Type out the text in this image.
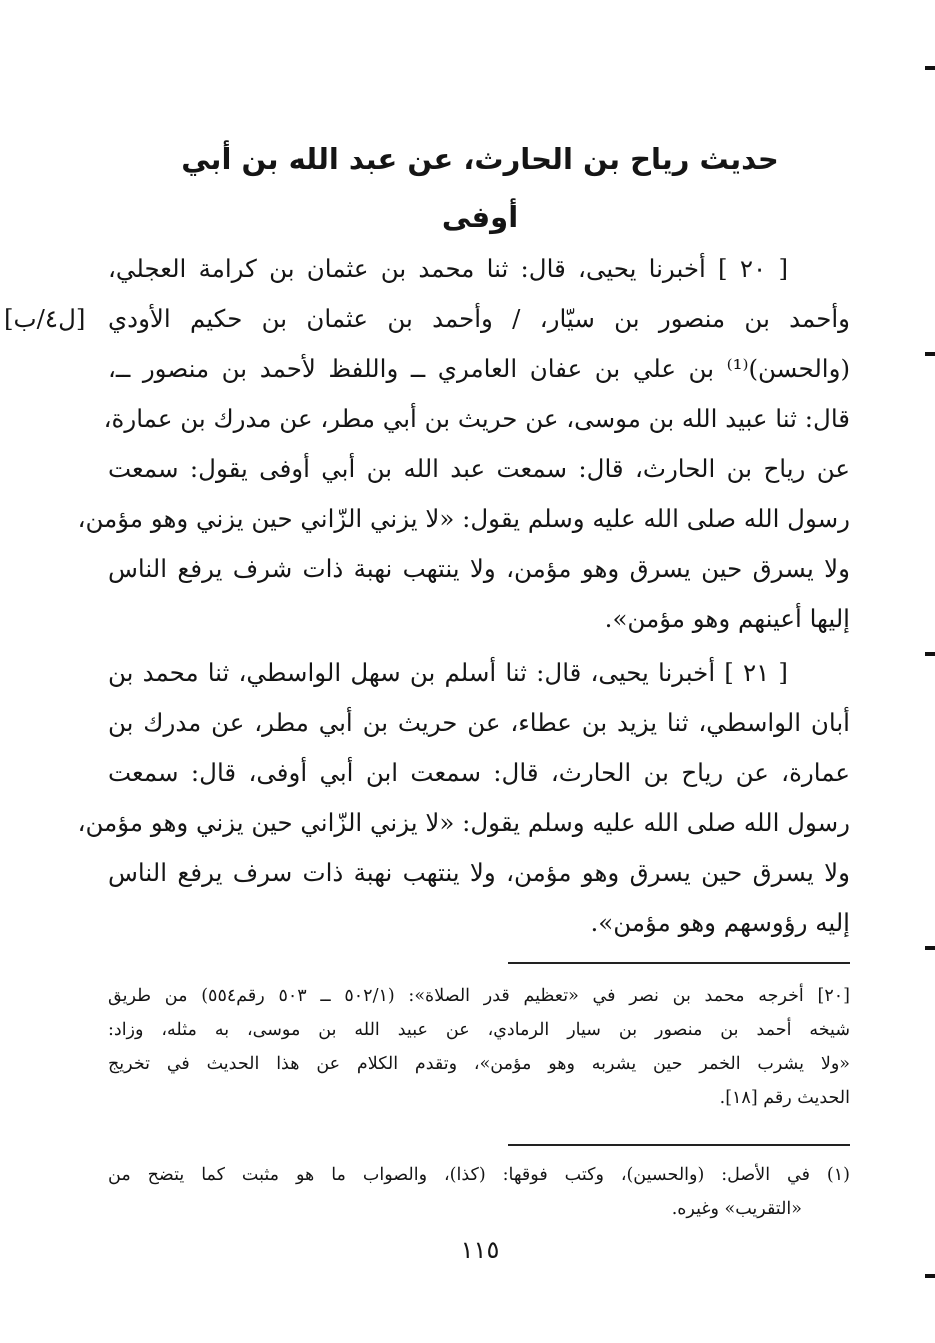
حديث رياح بن الحارث، عن عبد الله بن أبي أوفى
[ل٤/ب]
[ ٢٠ ] أخبرنا يحيى، قال: ثنا محمد بن عثمان بن كرامة العجلي،
وأحمد بن منصور بن سيّار، / وأحمد بن عثمان بن حكيم الأودي
(والحسن)⁽¹⁾ بن علي بن عفان العامري ــ واللفظ لأحمد بن منصور ــ،
قال: ثنا عبيد الله بن موسى، عن حريث بن أبي مطر، عن مدرك بن عمارة،
عن رياح بن الحارث، قال: سمعت عبد الله بن أبي أوفى يقول: سمعت
رسول الله صلى الله عليه وسلم يقول: «لا يزني الزّاني حين يزني وهو مؤمن،
ولا يسرق حين يسرق وهو مؤمن، ولا ينتهب نهبة ذات شرف يرفع الناس
إليها أعينهم وهو مؤمن».
[ ٢١ ] أخبرنا يحيى، قال: ثنا أسلم بن سهل الواسطي، ثنا محمد بن
أبان الواسطي، ثنا يزيد بن عطاء، عن حريث بن أبي مطر، عن مدرك بن
عمارة، عن رياح بن الحارث، قال: سمعت ابن أبي أوفى، قال: سمعت
رسول الله صلى الله عليه وسلم يقول: «لا يزني الزّاني حين يزني وهو مؤمن،
ولا يسرق حين يسرق وهو مؤمن، ولا ينتهب نهبة ذات سرف يرفع الناس
إليه رؤوسهم وهو مؤمن».
[٢٠] أخرجه محمد بن نصر في «تعظيم قدر الصلاة»: (٥٠٢/١ ــ ٥٠٣ رقم٥٥٤) من طريق
شيخه أحمد بن منصور بن سيار الرمادي، عن عبيد الله بن موسى، به مثله، وزاد:
«ولا يشرب الخمر حين يشربه وهو مؤمن»، وتقدم الكلام عن هذا الحديث في تخريج
الحديث رقم [١٨].
(١) في الأصل: (والحسين)، وكتب فوقها: (كذا)، والصواب ما هو مثبت كما يتضح من
«التقريب» وغيره.
١١٥
